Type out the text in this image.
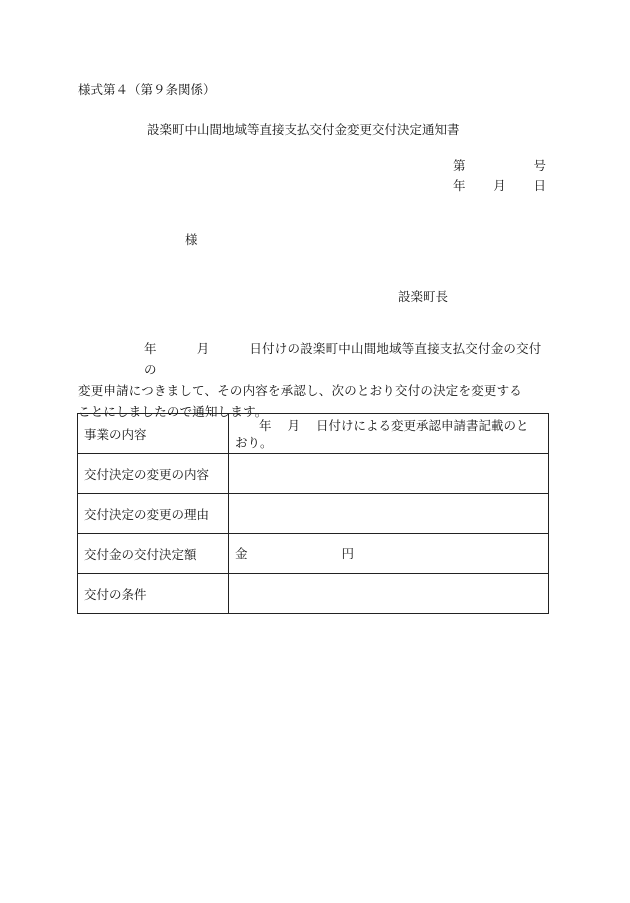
様式第４（第９条関係）
設楽町中山間地域等直接支払交付金変更交付決定通知書
第	号
年 月 日
様
設楽町長
年	月	日付けの設楽町中山間地域等直接支払交付金の交付の
変更申請につきまして、その内容を承認し、次のとおり交付の決定を変更する
ことにしましたので通知します。
事業の内容	年 月 日付けによる変更承認申請書記載のと
おり。
交付決定の変更の内容	
交付決定の変更の理由	
交付金の交付決定額	金 円
交付の条件	
